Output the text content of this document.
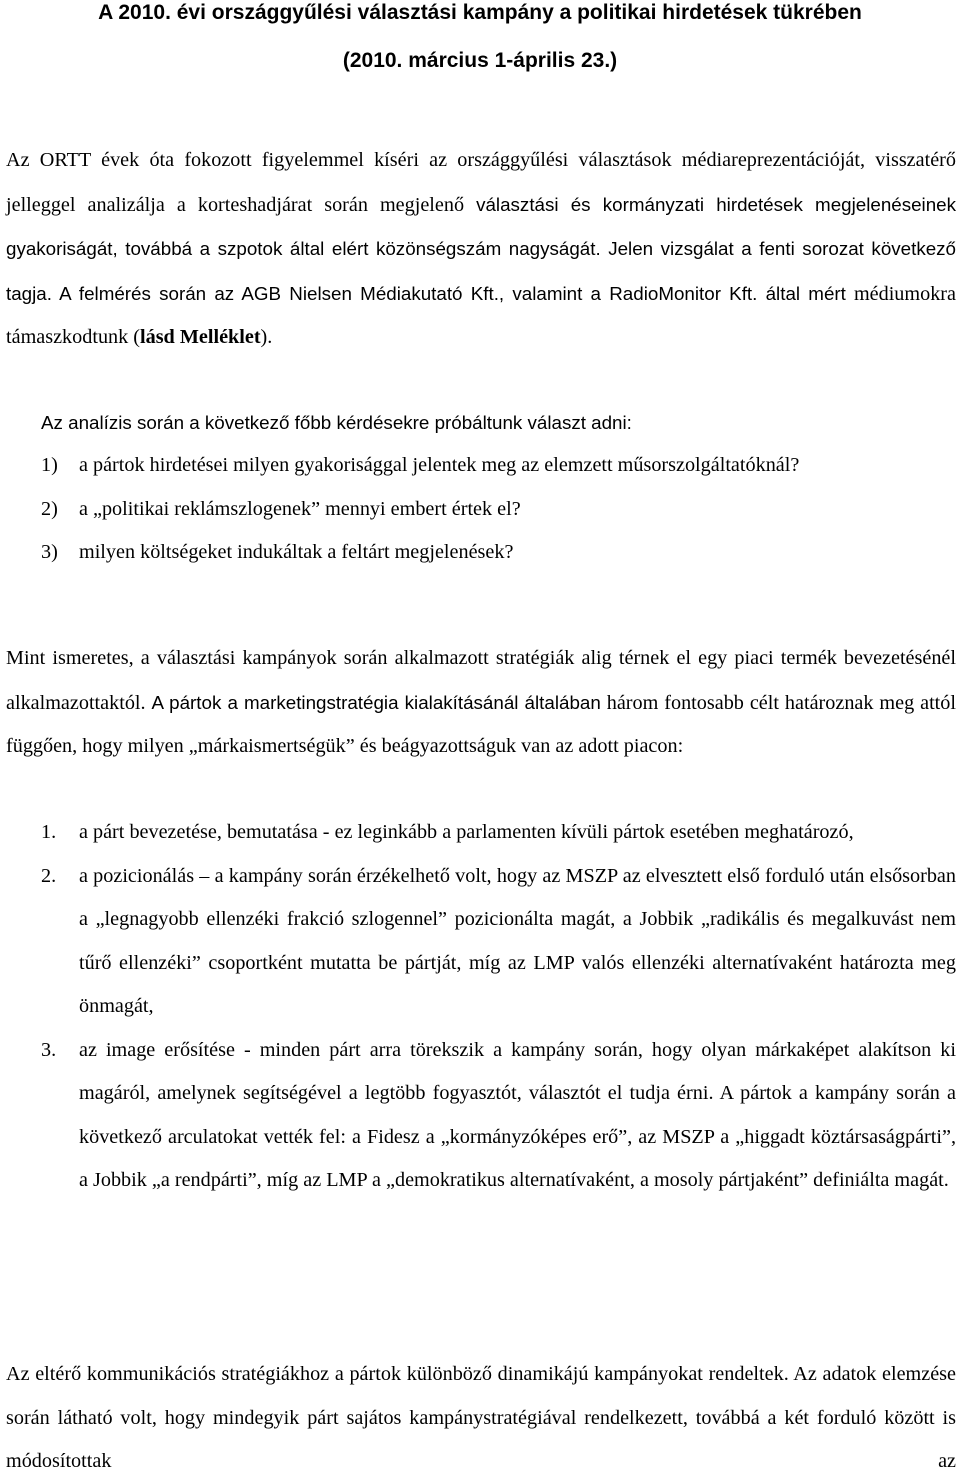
A 2010. évi országgyűlési választási kampány a politikai hirdetések tükrében
(2010. március 1-április 23.)

Az ORTT évek óta fokozott figyelemmel kíséri az országgyűlési választások médiareprezentációját, visszatérő jelleggel analizálja a korteshadjárat során megjelenő választási és kormányzati hirdetések megjelenéseinek gyakoriságát, továbbá a szpotok által elért közönségszám nagyságát. Jelen vizsgálat a fenti sorozat következő tagja. A felmérés során az AGB Nielsen Médiakutató Kft., valamint a RadioMonitor Kft. által mért médiumokra támaszkodtunk (lásd Melléklet).

Az analízis során a következő főbb kérdésekre próbáltunk választ adni:

1) a pártok hirdetései milyen gyakorisággal jelentek meg az elemzett műsorszolgáltatóknál?
2) a „politikai reklámszlogenek” mennyi embert értek el?
3) milyen költségeket indukáltak a feltárt megjelenések?

Mint ismeretes, a választási kampányok során alkalmazott stratégiák alig térnek el egy piaci termék bevezetésénél alkalmazottaktól. A pártok a marketingstratégia kialakításánál általában három fontosabb célt határoznak meg attól függően, hogy milyen „márkaismertségük” és beágyazottságuk van az adott piacon:

1. a párt bevezetése, bemutatása - ez leginkább a parlamenten kívüli pártok esetében meghatározó,
2. a pozicionálás – a kampány során érzékelhető volt, hogy az MSZP az elvesztett első forduló után elsősorban a „legnagyobb ellenzéki frakció szlogennel” pozicionálta magát, a Jobbik „radikális és megalkuvást nem tűrő ellenzéki” csoportként mutatta be pártját, míg az LMP valós ellenzéki alternatívaként határozta meg önmagát,
3. az image erősítése - minden párt arra törekszik a kampány során, hogy olyan márkaképet alakítson ki magáról, amelynek segítségével a legtöbb fogyasztót, választót el tudja érni. A pártok a kampány során a következő arculatokat vették fel: a Fidesz a „kormányzóképes erő”, az MSZP a „higgadt köztársaságpárti”, a Jobbik „a rendpárti”, míg az LMP a „demokratikus alternatívaként, a mosoly pártjaként” definiálta magát.

Az eltérő kommunikációs stratégiákhoz a pártok különböző dinamikájú kampányokat rendeltek. Az adatok elemzése során látható volt, hogy mindegyik párt sajátos kampánystratégiával rendelkezett, továbbá a két forduló között is módosítottak az
